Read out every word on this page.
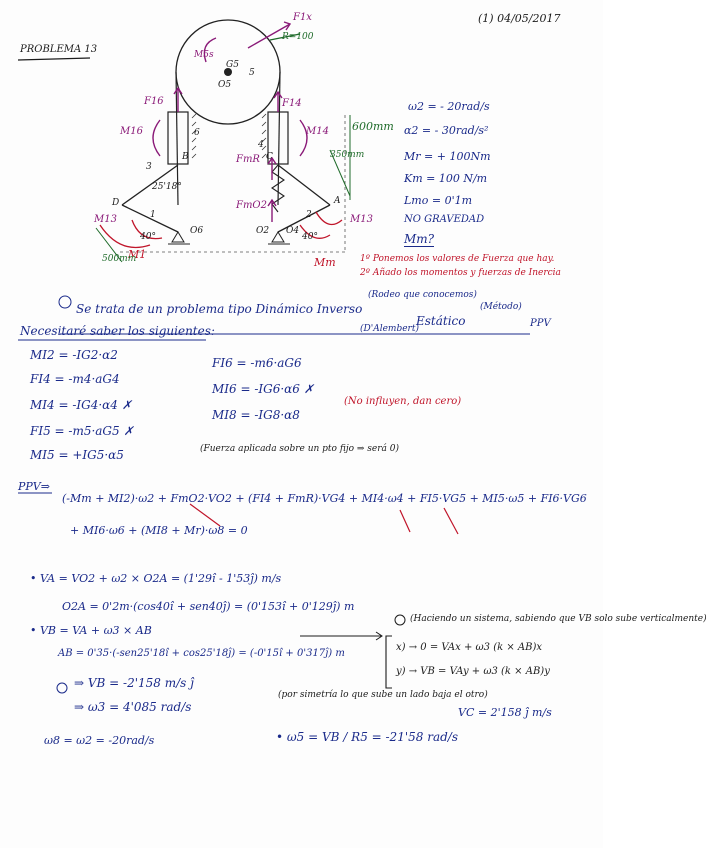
PROBLEMA 13
(1) 04/05/2017
F1x
R=100
M5s
G5
O5
5
F16	F14
M16	M14
6
4
3
25'18°
B
D	A
C
O6	O2 O4
FmR
FmO2
M13	M13
M1
Mm
600mm
350mm
500mm
40°	40°
1	2
ω2 = - 20rad/s
α2 = - 30rad/s²
Mr = + 100Nm
Km = 100 N/m
Lmo = 0'1m
NO GRAVEDAD
Mm?
1º Ponemos los valores de Fuerza que hay.
2º Añado los momentos y fuerzas de Inercia
(Rodeo que conocemos)
(Método)
Se trata de un problema tipo Dinámico Inverso
Estático	PPV
(D'Alembert)
Necesitaré saber los siguientes:
MI2 = -IG2·α2
FI4 = -m4·aG4
MI4 = -IG4·α4 ✗
FI5 = -m5·aG5 ✗
MI5 = +IG5·α5
FI6 = -m6·aG6
MI6 = -IG6·α6 ✗
MI8 = -IG8·α8
(No influyen, dan cero)
(Fuerza aplicada sobre un pto fijo ⇒ será 0)
PPV⇒
(-Mm + MI2)·ω2 + FmO2·VO2 + (FI4 + FmR)·VG4 + MI4·ω4 + FI5·VG5 + MI5·ω5 + FI6·VG6
+ MI6·ω6 + (MI8 + Mr)·ω8 = 0
• VA = VO2 + ω2 × O2A = (1'29î - 1'53ĵ) m/s
O2A = 0'2m·(cos40î + sen40ĵ) = (0'153î + 0'129ĵ) m
• VB = VA + ω3 × AB
AB = 0'35·(-sen25'18î + cos25'18ĵ) = (-0'15î + 0'317ĵ) m
(Haciendo un sistema, sabiendo que VB solo sube verticalmente)
x) → 0 = VAx + ω3 (k × AB)x
y) → VB = VAy + ω3 (k × AB)y
⇒ VB = -2'158 m/s ĵ
⇒ ω3 = 4'085 rad/s
(por simetría lo que sube un lado baja el otro)
VC = 2'158 ĵ m/s
ω8 = ω2 = -20rad/s	• ω5 = VB / R5 = -21'58 rad/s
